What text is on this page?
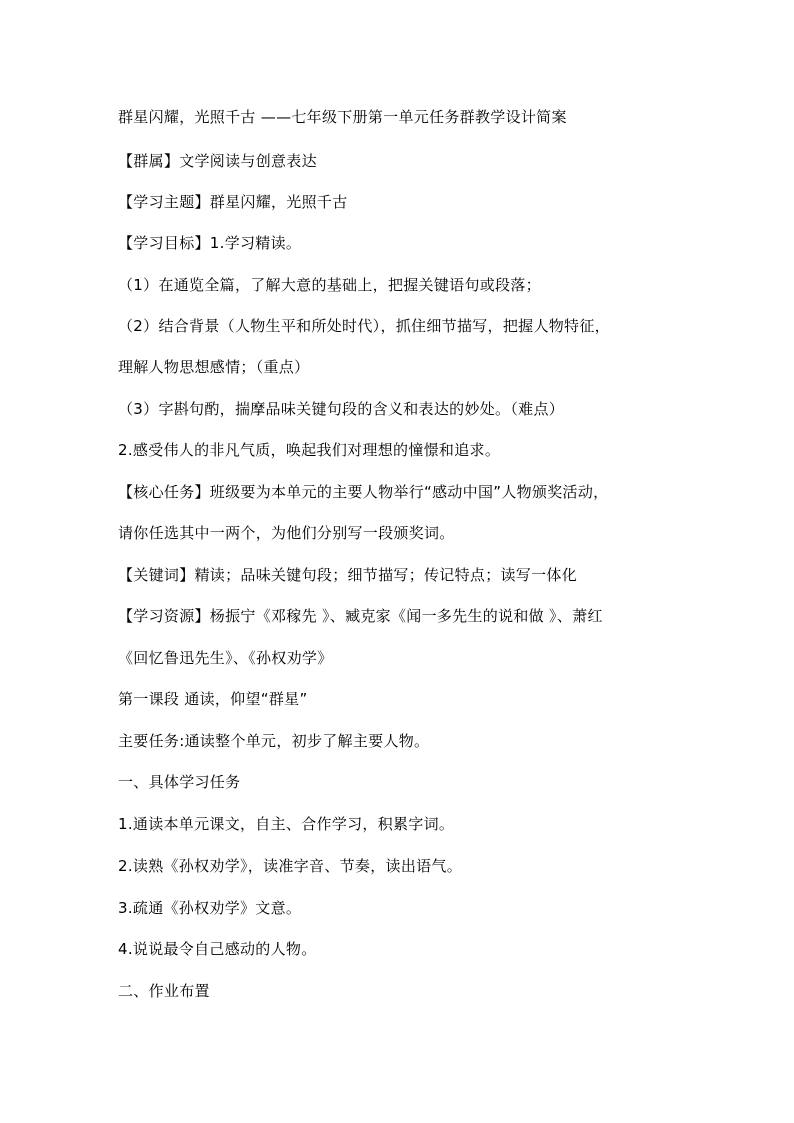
群星闪耀，光照千古 ——七年级下册第一单元任务群教学设计简案
【群属】文学阅读与创意表达
【学习主题】群星闪耀，光照千古
【学习目标】1.学习精读。
（1）在通览全篇，了解大意的基础上，把握关键语句或段落；
（2）结合背景（人物生平和所处时代），抓住细节描写，把握人物特征，
理解人物思想感情；（重点）
（3）字斟句酌，揣摩品味关键句段的含义和表达的妙处。（难点）
2.感受伟人的非凡气质，唤起我们对理想的憧憬和追求。
【核心任务】班级要为本单元的主要人物举行“感动中国”人物颁奖活动，
请你任选其中一两个，为他们分别写一段颁奖词。
【关键词】精读；品味关键句段；细节描写；传记特点；读写一体化
【学习资源】杨振宁《邓稼先 》、臧克家《闻一多先生的说和做 》、萧红
《回忆鲁迅先生》、《孙权劝学》
第一课段 通读，仰望“群星”
主要任务:通读整个单元，初步了解主要人物。
一、具体学习任务
1.通读本单元课文，自主、合作学习，积累字词。
2.读熟《孙权劝学》，读准字音、节奏，读出语气。
3.疏通《孙权劝学》文意。
4.说说最令自己感动的人物。
二、作业布置
